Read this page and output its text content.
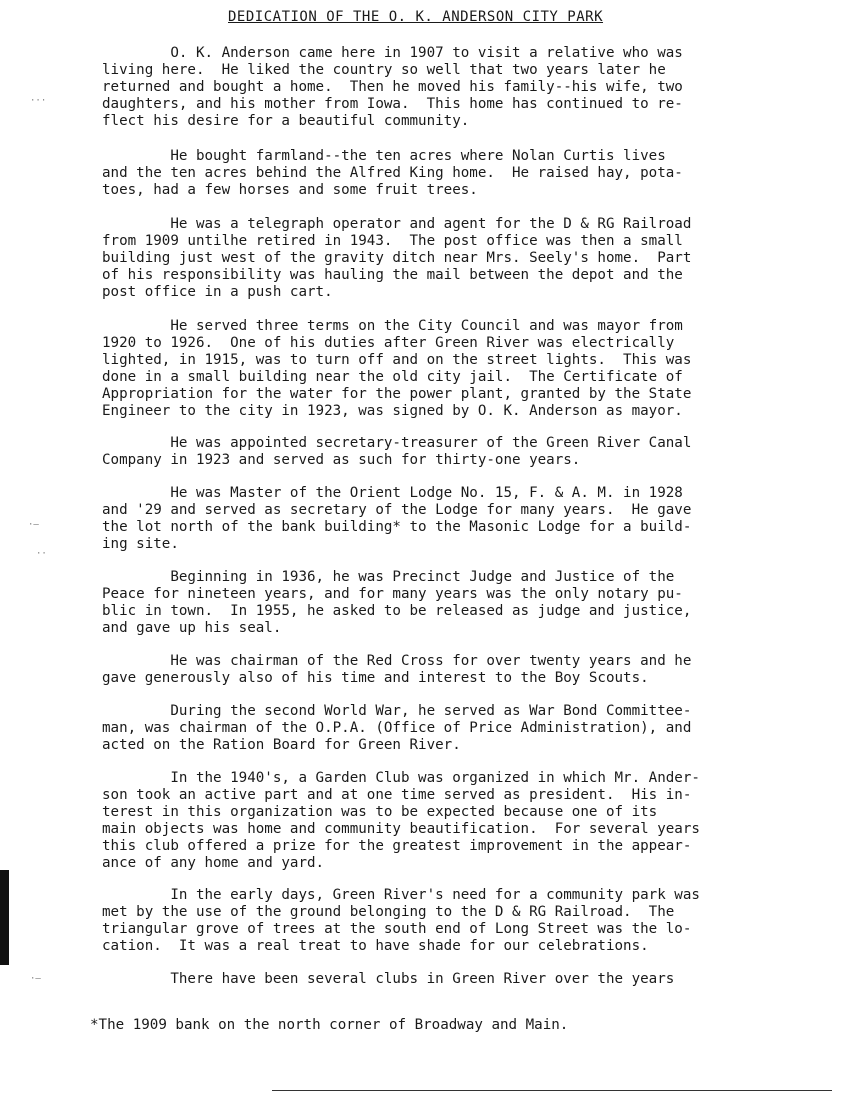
DEDICATION OF THE O. K. ANDERSON CITY PARK
O. K. Anderson came here in 1907 to visit a relative who was
living here.  He liked the country so well that two years later he
returned and bought a home.  Then he moved his family--his wife, two
daughters, and his mother from Iowa.  This home has continued to re-
flect his desire for a beautiful community.
He bought farmland--the ten acres where Nolan Curtis lives
and the ten acres behind the Alfred King home.  He raised hay, pota-
toes, had a few horses and some fruit trees.
He was a telegraph operator and agent for the D & RG Railroad
from 1909 untilhe retired in 1943.  The post office was then a small
building just west of the gravity ditch near Mrs. Seely's home.  Part
of his responsibility was hauling the mail between the depot and the
post office in a push cart.
He served three terms on the City Council and was mayor from
1920 to 1926.  One of his duties after Green River was electrically
lighted, in 1915, was to turn off and on the street lights.  This was
done in a small building near the old city jail.  The Certificate of
Appropriation for the water for the power plant, granted by the State
Engineer to the city in 1923, was signed by O. K. Anderson as mayor.
He was appointed secretary-treasurer of the Green River Canal
Company in 1923 and served as such for thirty-one years.
He was Master of the Orient Lodge No. 15, F. & A. M. in 1928
and '29 and served as secretary of the Lodge for many years.  He gave
the lot north of the bank building* to the Masonic Lodge for a build-
ing site.
Beginning in 1936, he was Precinct Judge and Justice of the
Peace for nineteen years, and for many years was the only notary pu-
blic in town.  In 1955, he asked to be released as judge and justice,
and gave up his seal.
He was chairman of the Red Cross for over twenty years and he
gave generously also of his time and interest to the Boy Scouts.
During the second World War, he served as War Bond Committee-
man, was chairman of the O.P.A. (Office of Price Administration), and
acted on the Ration Board for Green River.
In the 1940's, a Garden Club was organized in which Mr. Ander-
son took an active part and at one time served as president.  His in-
terest in this organization was to be expected because one of its
main objects was home and community beautification.  For several years
this club offered a prize for the greatest improvement in the appear-
ance of any home and yard.
In the early days, Green River's need for a community park was
met by the use of the ground belonging to the D & RG Railroad.  The
triangular grove of trees at the south end of Long Street was the lo-
cation.  It was a real treat to have shade for our celebrations.
There have been several clubs in Green River over the years
*The 1909 bank on the north corner of Broadway and Main.
···
·–
··
·–
